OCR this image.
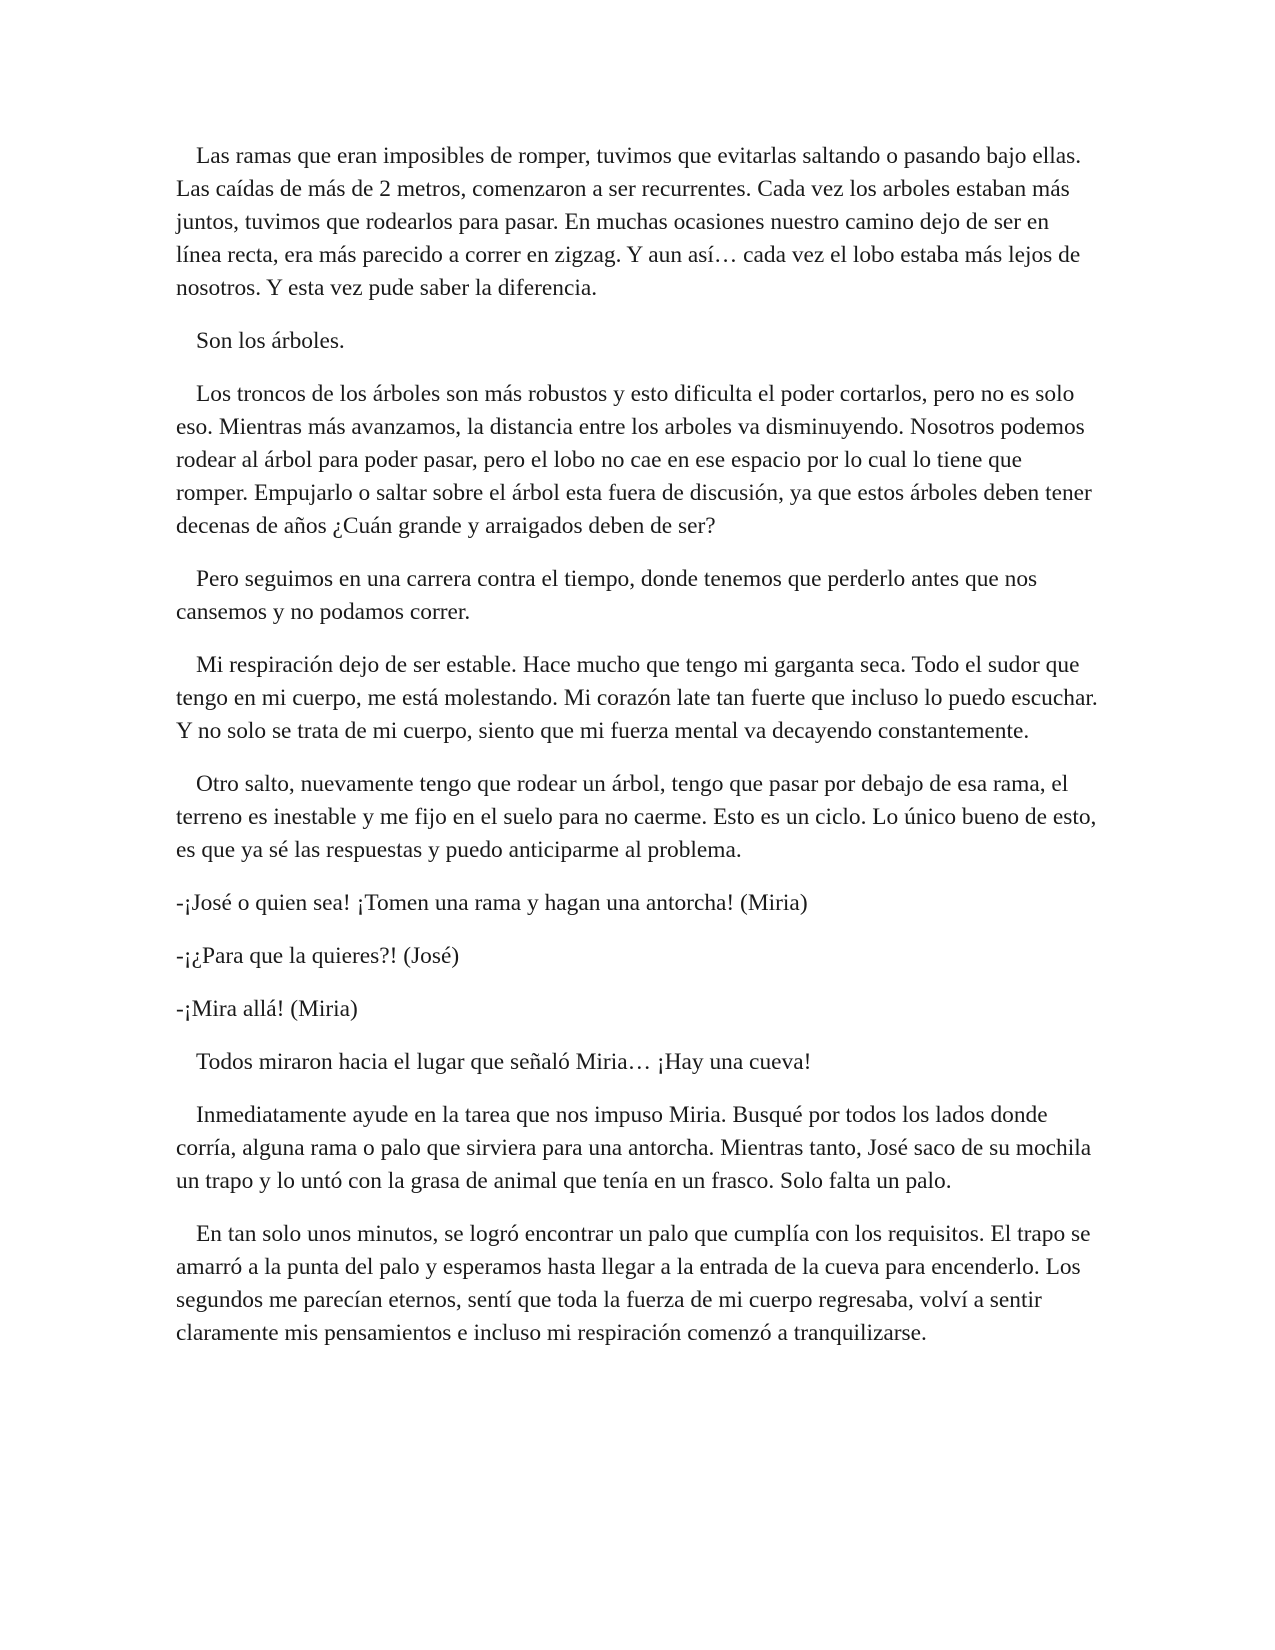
Las ramas que eran imposibles de romper, tuvimos que evitarlas saltando o pasando bajo ellas. Las caídas de más de 2 metros, comenzaron a ser recurrentes. Cada vez los arboles estaban más juntos, tuvimos que rodearlos para pasar. En muchas ocasiones nuestro camino dejo de ser en línea recta, era más parecido a correr en zigzag. Y aun así… cada vez el lobo estaba más lejos de nosotros. Y esta vez pude saber la diferencia.

Son los árboles.

Los troncos de los árboles son más robustos y esto dificulta el poder cortarlos, pero no es solo eso. Mientras más avanzamos, la distancia entre los arboles va disminuyendo. Nosotros podemos rodear al árbol para poder pasar, pero el lobo no cae en ese espacio por lo cual lo tiene que romper. Empujarlo o saltar sobre el árbol esta fuera de discusión, ya que estos árboles deben tener decenas de años ¿Cuán grande y arraigados deben de ser?

Pero seguimos en una carrera contra el tiempo, donde tenemos que perderlo antes que nos cansemos y no podamos correr.

Mi respiración dejo de ser estable. Hace mucho que tengo mi garganta seca. Todo el sudor que tengo en mi cuerpo, me está molestando. Mi corazón late tan fuerte que incluso lo puedo escuchar. Y no solo se trata de mi cuerpo, siento que mi fuerza mental va decayendo constantemente.

Otro salto, nuevamente tengo que rodear un árbol, tengo que pasar por debajo de esa rama, el terreno es inestable y me fijo en el suelo para no caerme. Esto es un ciclo. Lo único bueno de esto, es que ya sé las respuestas y puedo anticiparme al problema.

-¡José o quien sea! ¡Tomen una rama y hagan una antorcha! (Miria)

-¡¿Para que la quieres?! (José)

-¡Mira allá! (Miria)

Todos miraron hacia el lugar que señaló Miria… ¡Hay una cueva!

Inmediatamente ayude en la tarea que nos impuso Miria. Busqué por todos los lados donde corría, alguna rama o palo que sirviera para una antorcha. Mientras tanto, José saco de su mochila un trapo y lo untó con la grasa de animal que tenía en un frasco. Solo falta un palo.

En tan solo unos minutos, se logró encontrar un palo que cumplía con los requisitos. El trapo se amarró a la punta del palo y esperamos hasta llegar a la entrada de la cueva para encenderlo. Los segundos me parecían eternos, sentí que toda la fuerza de mi cuerpo regresaba, volví a sentir claramente mis pensamientos e incluso mi respiración comenzó a tranquilizarse.
